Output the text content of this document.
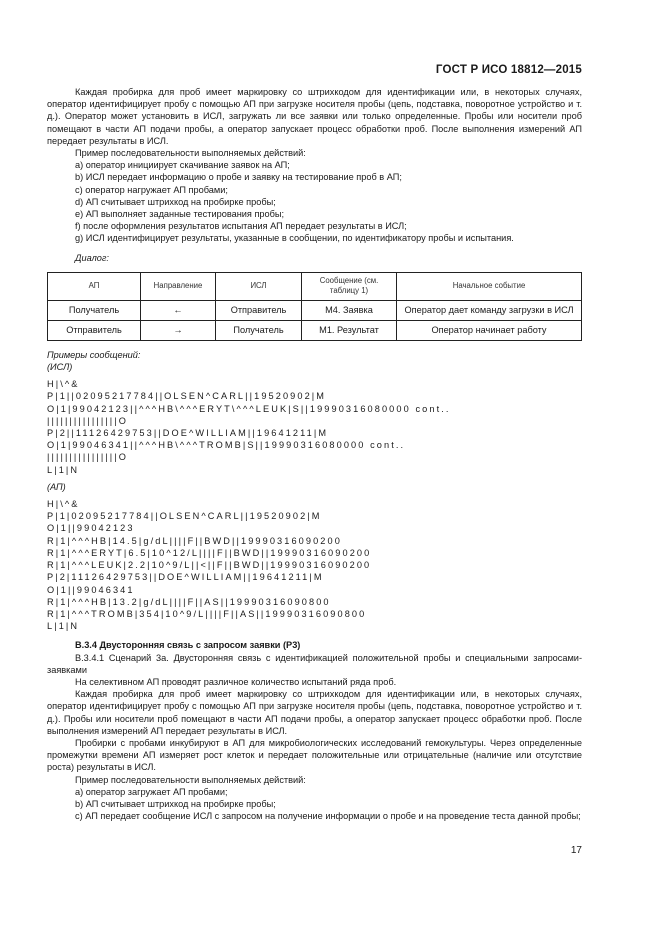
ГОСТ Р ИСО 18812—2015

Каждая пробирка для проб имеет маркировку со штрихкодом для идентификации или, в некоторых случаях, оператор идентифицирует пробу с помощью АП при загрузке носителя пробы (цепь, подставка, поворотное устройство и т. д.). Оператор может установить в ИСЛ, загружать ли все заявки или только определенные. Пробы или носители проб помещают в части АП подачи пробы, а оператор запускает процесс обработки проб. После выполнения измерений АП передает результаты в ИСЛ.

Пример последовательности выполняемых действий:

a) оператор инициирует скачивание заявок на АП;

b) ИСЛ передает информацию о пробе и заявку на тестирование проб в АП;

c) оператор нагружает АП пробами;

d) АП считывает штрихкод на пробирке пробы;

e) АП выполняет заданные тестирования пробы;

f) после оформления результатов испытания АП передает результаты в ИСЛ;

g) ИСЛ идентифицирует результаты, указанные в сообщении, по идентификатору пробы и испытания.

Диалог:

АП	Направление	ИСЛ	Сообщение (см. таблицу 1)	Начальное событие
Получатель	←	Отправитель	М4. Заявка	Оператор дает команду загрузки в ИСЛ
Отправитель	→	Получатель	М1. Результат	Оператор начинает работу

Примеры сообщений:

(ИСЛ)

H|\^&

P|1||02095217784||OLSEN^CARL||19520902|M

O|1|99042123||^^^HB\^^^ERYT\^^^LEUK|S||19990316080000 cont..

||||||||||||||||O

P|2||11126429753||DOE^WILLIAM||19641211|M

O|1|99046341||^^^HB\^^^TROMB|S||19990316080000 cont..

||||||||||||||||O

L|1|N

(АП)

H|\^&

P|1|02095217784||OLSEN^CARL||19520902|M

O|1||99042123

R|1|^^^HB|14.5|g/dL||||F||BWD||19990316090200

R|1|^^^ERYT|6.5|10^12/L||||F||BWD||19990316090200

R|1|^^^LEUK|2.2|10^9/L||<||F||BWD||19990316090200

P|2|11126429753||DOE^WILLIAM||19641211|M

O|1||99046341

R|1|^^^HB|13.2|g/dL||||F||AS||19990316090800

R|1|^^^TROMB|354|10^9/L||||F||AS||19990316090800

L|1|N

В.3.4 Двусторонняя связь с запросом заявки (Р3)

В.3.4.1 Сценарий 3а. Двусторонняя связь с идентификацией положительной пробы и специальными запросами-заявками

На селективном АП проводят различное количество испытаний ряда проб.

Каждая пробирка для проб имеет маркировку со штрихкодом для идентификации или, в некоторых случаях, оператор идентифицирует пробу с помощью АП при загрузке носителя пробы (цепь, подставка, поворотное устройство и т. д.). Пробы или носители проб помещают в части АП подачи пробы, а оператор запускает процесс обработки проб. После выполнения измерений АП передает результаты в ИСЛ.

Пробирки с пробами инкубируют в АП для микробиологических исследований гемокультуры. Через определенные промежутки времени АП измеряет рост клеток и передает положительные или отрицательные (наличие или отсутствие роста) результаты в ИСЛ.

Пример последовательности выполняемых действий:

a) оператор загружает АП пробами;

b) АП считывает штрихкод на пробирке пробы;

c) АП передает сообщение ИСЛ с запросом на получение информации о пробе и на проведение теста данной пробы;

17
